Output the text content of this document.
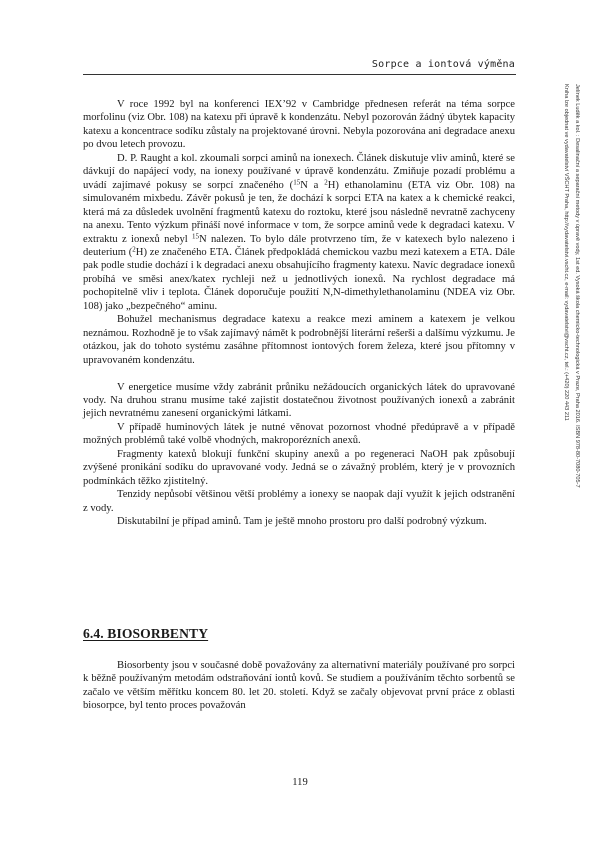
Sorpce a iontová výměna

V roce 1992 byl na konferenci IEX’92 v Cambridge přednesen referát na téma sorpce morfolinu (viz Obr. 108) na katexu při úpravě k kondenzátu. Nebyl pozorován žádný úbytek kapacity katexu a koncentrace sodíku zůstaly na projektované úrovni. Nebyla pozorována ani degradace anexu po dvou letech provozu.

D. P. Raught a kol. zkoumali sorpci aminů na ionexech. Článek diskutuje vliv aminů, které se dávkují do napájecí vody, na ionexy používané v úpravě kondenzátu. Zmiňuje pozadí problému a uvádí zajímavé pokusy se sorpcí značeného ($^{15}$N a $^2$H) ethanolaminu (ETA viz Obr. 108) na simulovaném mixbedu. Závěr pokusů je ten, že dochází k sorpci ETA na katex a k chemické reakci, která má za důsledek uvolnění fragmentů katexu do roztoku, které jsou následně nevratně zachyceny na anexu. Tento výzkum přináší nové informace v tom, že sorpce aminů vede k degradaci katexu. V extraktu z ionexů nebyl $^{15}$N nalezen. To bylo dále protvrzeno tím, že v katexech bylo nalezeno i deuterium ($^2$H) ze značeného ETA. Článek předpokládá chemickou vazbu mezi katexem a ETA. Dále pak podle studie dochází i k degradaci anexu obsahujícího fragmenty katexu. Navíc degradace ionexů probíhá ve směsi anex/katex rychleji než u jednotlivých ionexů. Na rychlost degradace má pochopitelně vliv i teplota. Článek doporučuje použití N,N-dimethylethanolaminu (NDEA viz Obr. 108) jako „bezpečného“ aminu.

Bohužel mechanismus degradace katexu a reakce mezi aminem a katexem je velkou neznámou. Rozhodně je to však zajímavý námět k podrobnější literární rešerši a dalšímu výzkumu. Je otázkou, jak do tohoto systému zasáhne přítomnost iontových forem železa, které jsou přítomny v upravovaném kondenzátu.

V energetice musíme vždy zabránit průniku nežádoucích organických látek do upravované vody. Na druhou stranu musíme také zajistit dostatečnou životnost používaných ionexů a zabránit jejich nevratnému zanesení organickými látkami.

V případě huminových látek je nutné věnovat pozornost vhodné předúpravě a v případě možných problémů také volbě vhodných, makroporézních anexů.

Fragmenty katexů blokují funkční skupiny anexů a po regeneraci NaOH pak způsobují zvýšené pronikání sodíku do upravované vody. Jedná se o závažný problém, který je v provozních podmínkách těžko zjistitelný.

Tenzidy nepůsobí většinou větší problémy a ionexy se naopak dají využít k jejich odstranění z vody.

Diskutabilní je případ aminů. Tam je ještě mnoho prostoru pro další podrobný výzkum.

6.4. BIOSORBENTY

Biosorbenty jsou v současné době považovány za alternativní materiály používané pro sorpci k běžně používaným metodám odstraňování iontů kovů. Se studiem a používáním těchto sorbentů se začalo ve větším měřítku koncem 80. let 20. století. Když se začaly objevovat první práce z oblasti biosorpce, byl tento proces považován

119
Jelínek Luděk a kol. : Desalinační a separační metody v úpravě vody, 1st ed. Vysoká škola chemicko-technologická v Praze, Praha 2016. ISBN 978-80-7080-705-7
Kniha lze objednat ve vydavatelství VŠCHT Praha, http://vydavatelstvi.vscht.cz, e-mail: vydavatelstvi@vscht.cz, tel.: (+420) 220 443 211
